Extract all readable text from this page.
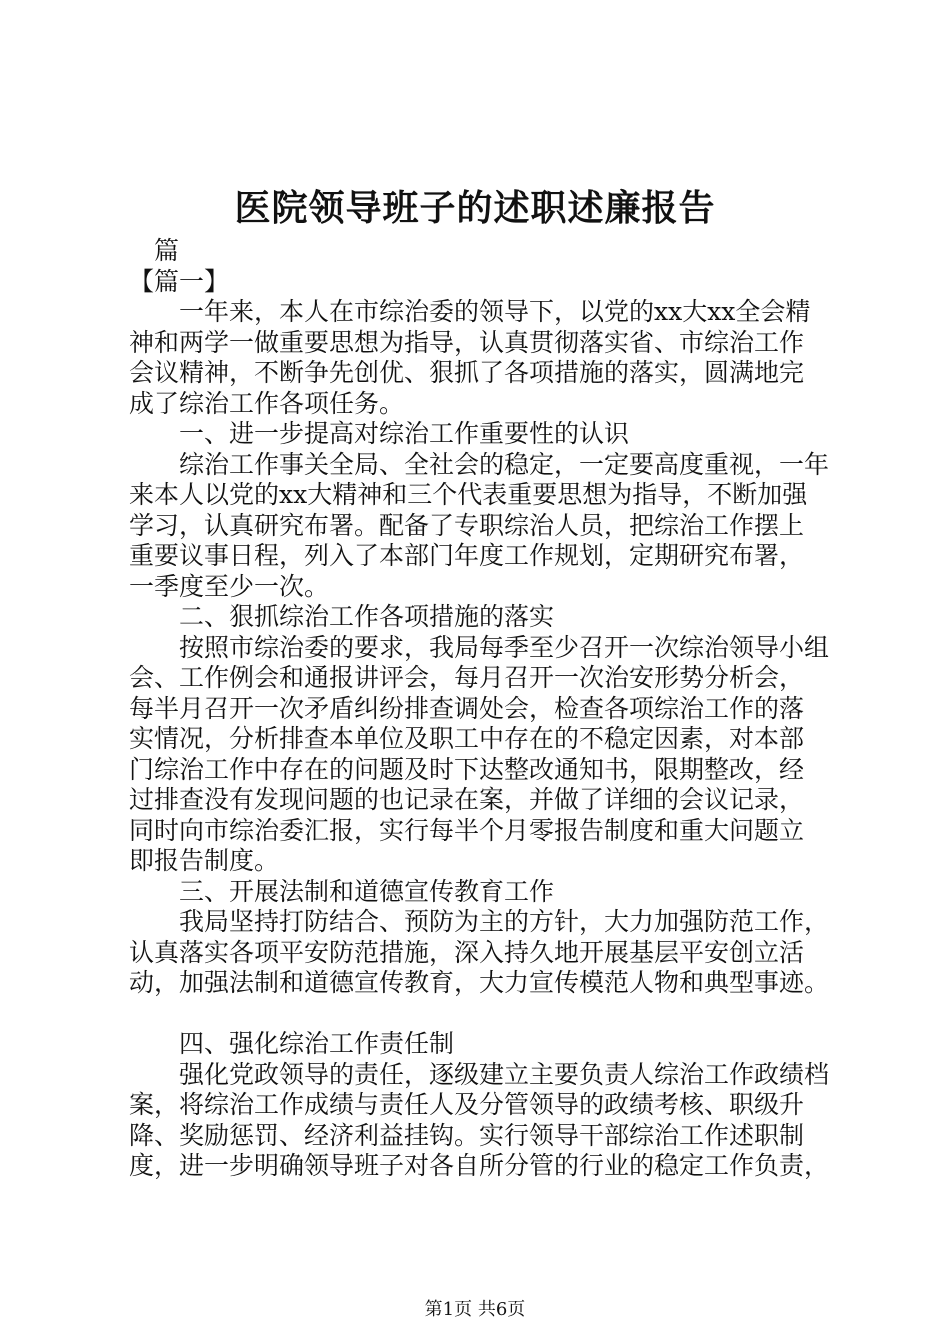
医院领导班子的述职述廉报告
篇
【篇一】
一年来，本人在市综治委的领导下，以党的xx大xx全会精
神和两学一做重要思想为指导，认真贯彻落实省、市综治工作
会议精神，不断争先创优、狠抓了各项措施的落实，圆满地完
成了综治工作各项任务。
一、进一步提高对综治工作重要性的认识
综治工作事关全局、全社会的稳定，一定要高度重视，一年
来本人以党的xx大精神和三个代表重要思想为指导，不断加强
学习，认真研究布署。配备了专职综治人员，把综治工作摆上
重要议事日程，列入了本部门年度工作规划，定期研究布署，
一季度至少一次。
二、狠抓综治工作各项措施的落实
按照市综治委的要求，我局每季至少召开一次综治领导小组
会、工作例会和通报讲评会，每月召开一次治安形势分析会，
每半月召开一次矛盾纠纷排查调处会，检查各项综治工作的落
实情况，分析排查本单位及职工中存在的不稳定因素，对本部
门综治工作中存在的问题及时下达整改通知书，限期整改，经
过排查没有发现问题的也记录在案，并做了详细的会议记录，
同时向市综治委汇报，实行每半个月零报告制度和重大问题立
即报告制度。
三、开展法制和道德宣传教育工作
我局坚持打防结合、预防为主的方针，大力加强防范工作，
认真落实各项平安防范措施，深入持久地开展基层平安创立活
动，加强法制和道德宣传教育，大力宣传模范人物和典型事迹。
四、强化综治工作责任制
强化党政领导的责任，逐级建立主要负责人综治工作政绩档
案，将综治工作成绩与责任人及分管领导的政绩考核、职级升
降、奖励惩罚、经济利益挂钩。实行领导干部综治工作述职制
度，进一步明确领导班子对各自所分管的行业的稳定工作负责，
第1页 共6页
